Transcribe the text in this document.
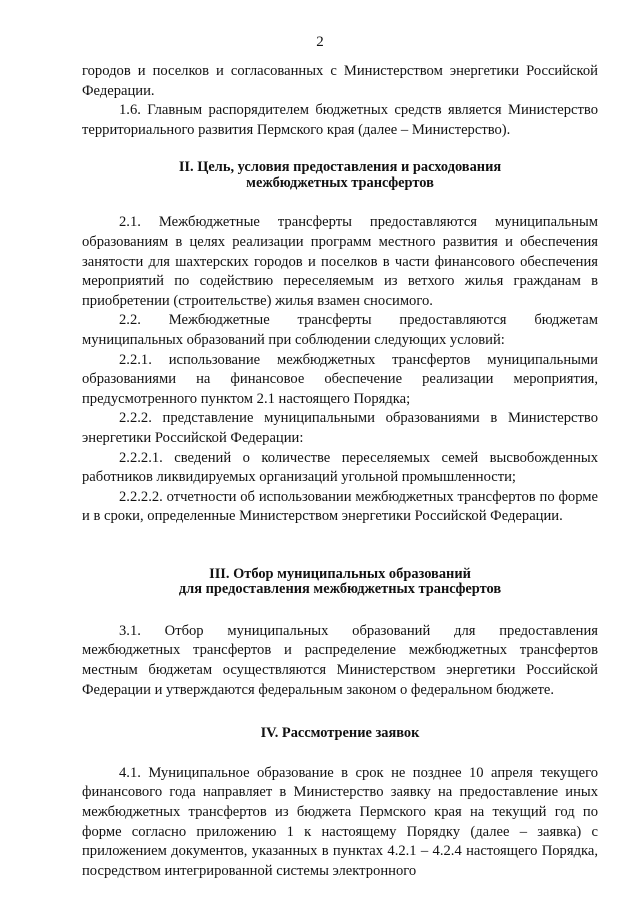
2

городов и поселков и согласованных с Министерством энергетики Российской Федерации.

1.6. Главным распорядителем бюджетных средств является Министерство территориального развития Пермского края (далее – Министерство).

II. Цель, условия предоставления и расходования
межбюджетных трансфертов

2.1. Межбюджетные трансферты предоставляются муниципальным образованиям в целях реализации программ местного развития и обеспечения занятости для шахтерских городов и поселков в части финансового обеспечения мероприятий по содействию переселяемым из ветхого жилья гражданам в приобретении (строительстве) жилья взамен сносимого.

2.2. Межбюджетные трансферты предоставляются бюджетам муниципальных образований при соблюдении следующих условий:

2.2.1. использование межбюджетных трансфертов муниципальными образованиями на финансовое обеспечение реализации мероприятия, предусмотренного пунктом 2.1 настоящего Порядка;

2.2.2. представление муниципальными образованиями в Министерство энергетики Российской Федерации:

2.2.2.1. сведений о количестве переселяемых семей высвобожденных работников ликвидируемых организаций угольной промышленности;

2.2.2.2. отчетности об использовании межбюджетных трансфертов по форме и в сроки, определенные Министерством энергетики Российской Федерации.

III. Отбор муниципальных образований
для предоставления межбюджетных трансфертов

3.1. Отбор муниципальных образований для предоставления межбюджетных трансфертов и распределение межбюджетных трансфертов местным бюджетам осуществляются Министерством энергетики Российской Федерации и утверждаются федеральным законом о федеральном бюджете.

IV. Рассмотрение заявок

4.1. Муниципальное образование в срок не позднее 10 апреля текущего финансового года направляет в Министерство заявку на предоставление иных межбюджетных трансфертов из бюджета Пермского края на текущий год по форме согласно приложению 1 к настоящему Порядку (далее – заявка) с приложением документов, указанных в пунктах 4.2.1 – 4.2.4 настоящего Порядка, посредством интегрированной системы электронного
